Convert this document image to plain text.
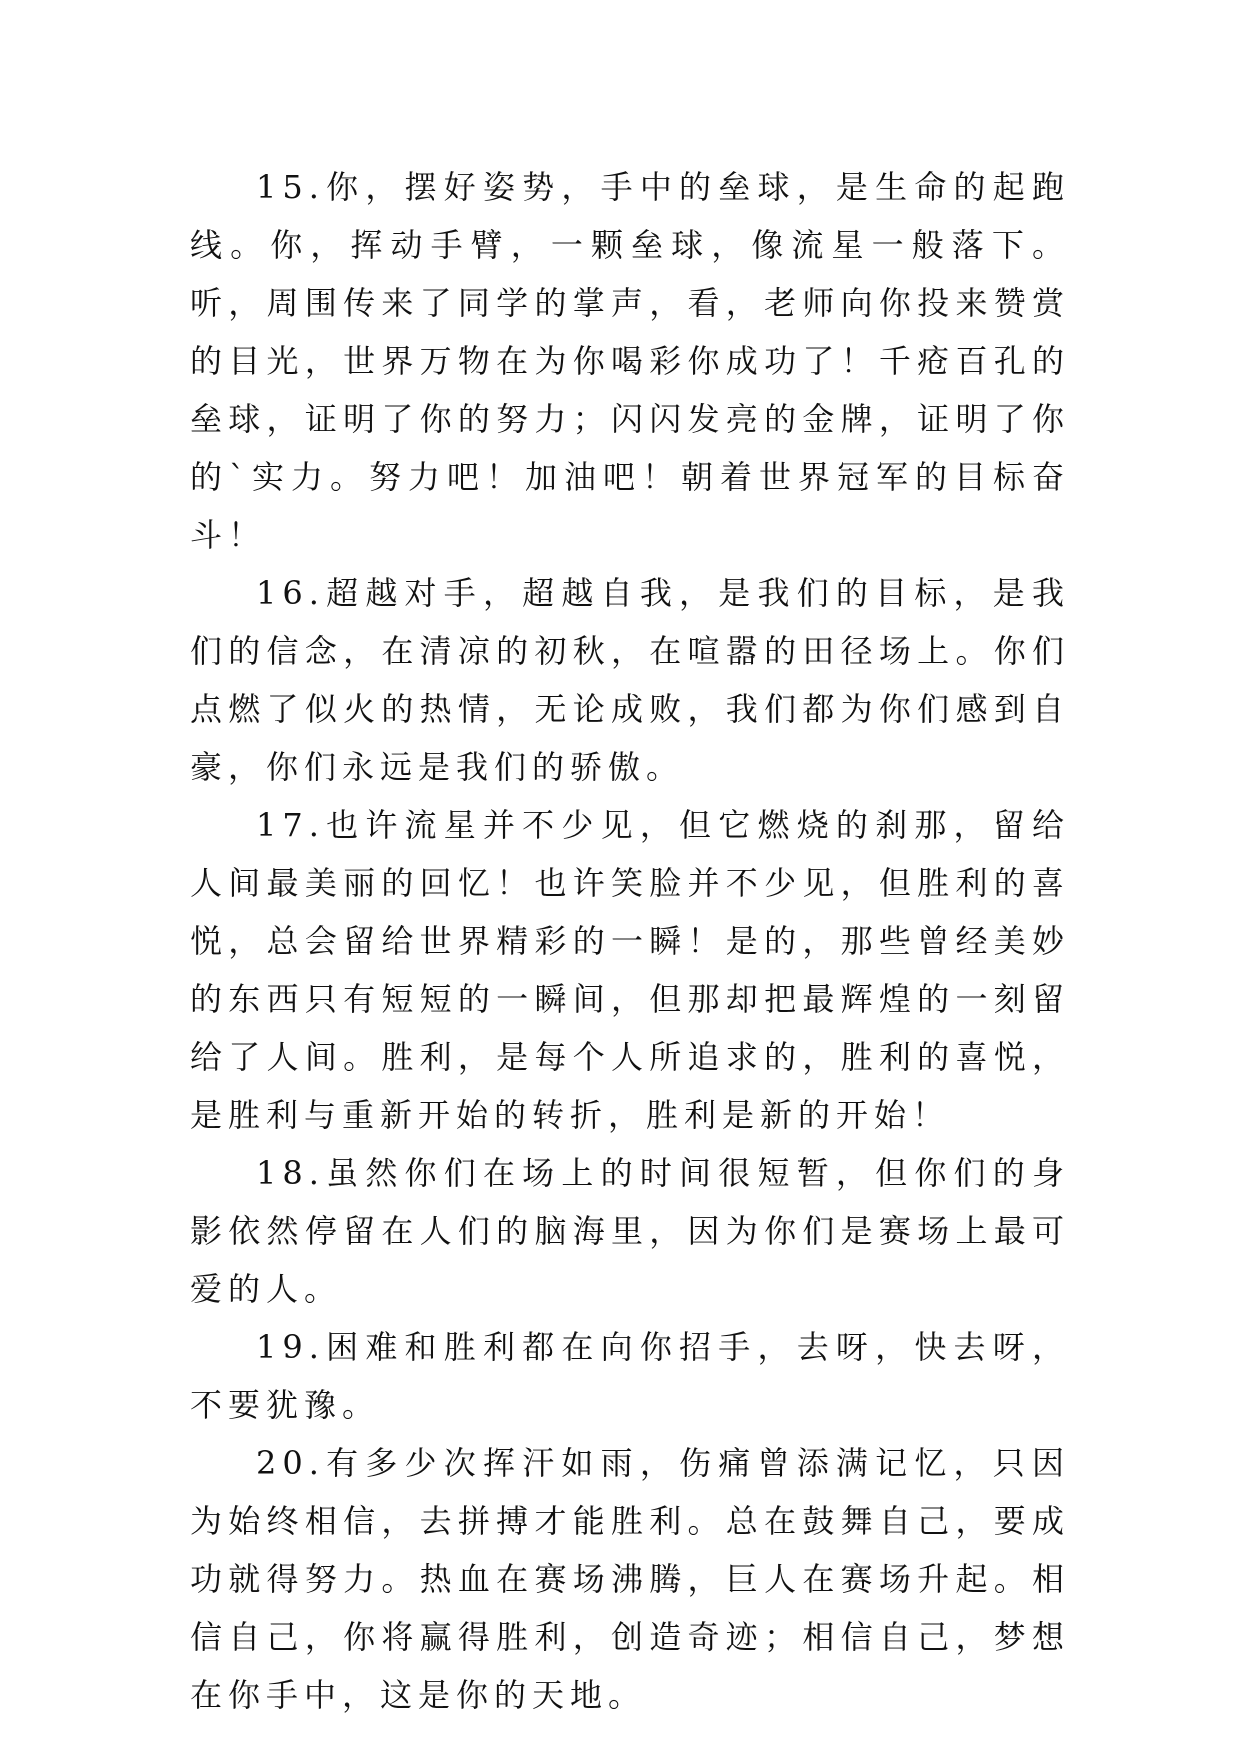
15.你，摆好姿势，手中的垒球，是生命的起跑线。你，挥动手臂，一颗垒球，像流星一般落下。听，周围传来了同学的掌声，看，老师向你投来赞赏的目光，世界万物在为你喝彩你成功了！千疮百孔的垒球，证明了你的努力；闪闪发亮的金牌，证明了你的`实力。努力吧！加油吧！朝着世界冠军的目标奋斗！

16.超越对手，超越自我，是我们的目标，是我们的信念，在清凉的初秋，在喧嚣的田径场上。你们点燃了似火的热情，无论成败，我们都为你们感到自豪，你们永远是我们的骄傲。

17.也许流星并不少见，但它燃烧的刹那，留给人间最美丽的回忆！也许笑脸并不少见，但胜利的喜悦，总会留给世界精彩的一瞬！是的，那些曾经美妙的东西只有短短的一瞬间，但那却把最辉煌的一刻留给了人间。胜利，是每个人所追求的，胜利的喜悦，是胜利与重新开始的转折，胜利是新的开始！

18.虽然你们在场上的时间很短暂，但你们的身影依然停留在人们的脑海里，因为你们是赛场上最可爱的人。

19.困难和胜利都在向你招手，去呀，快去呀，不要犹豫。

20.有多少次挥汗如雨，伤痛曾添满记忆，只因为始终相信，去拼搏才能胜利。总在鼓舞自己，要成功就得努力。热血在赛场沸腾，巨人在赛场升起。相信自己，你将赢得胜利，创造奇迹；相信自己，梦想在你手中，这是你的天地。
